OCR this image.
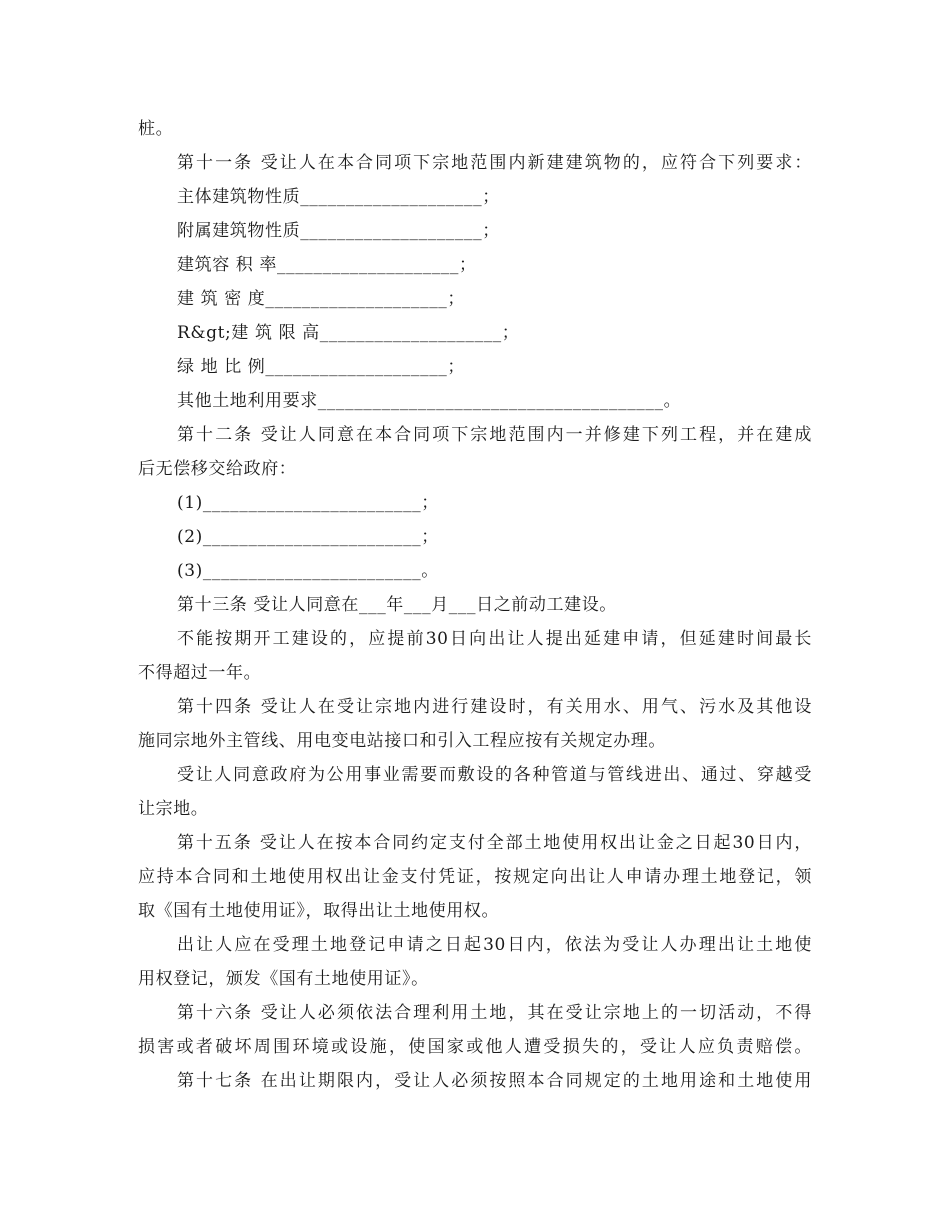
桩。
第十一条 受让人在本合同项下宗地范围内新建建筑物的，应符合下列要求：
主体建筑物性质____________________；
附属建筑物性质____________________；
建筑容 积 率____________________；
建 筑 密 度____________________；
R&gt;建 筑 限 高____________________；
绿 地 比 例____________________；
其他土地利用要求______________________________________。
第十二条 受让人同意在本合同项下宗地范围内一并修建下列工程，并在建成
后无偿移交给政府：
(1)________________________；
(2)________________________；
(3)________________________。
第十三条 受让人同意在___年___月___日之前动工建设。
不能按期开工建设的，应提前30日向出让人提出延建申请，但延建时间最长
不得超过一年。
第十四条 受让人在受让宗地内进行建设时，有关用水、用气、污水及其他设
施同宗地外主管线、用电变电站接口和引入工程应按有关规定办理。
受让人同意政府为公用事业需要而敷设的各种管道与管线进出、通过、穿越受
让宗地。
第十五条 受让人在按本合同约定支付全部土地使用权出让金之日起30日内，
应持本合同和土地使用权出让金支付凭证，按规定向出让人申请办理土地登记，领
取《国有土地使用证》，取得出让土地使用权。
出让人应在受理土地登记申请之日起30日内，依法为受让人办理出让土地使
用权登记，颁发《国有土地使用证》。
第十六条 受让人必须依法合理利用土地，其在受让宗地上的一切活动，不得
损害或者破坏周围环境或设施，使国家或他人遭受损失的，受让人应负责赔偿。
第十七条 在出让期限内，受让人必须按照本合同规定的土地用途和土地使用
